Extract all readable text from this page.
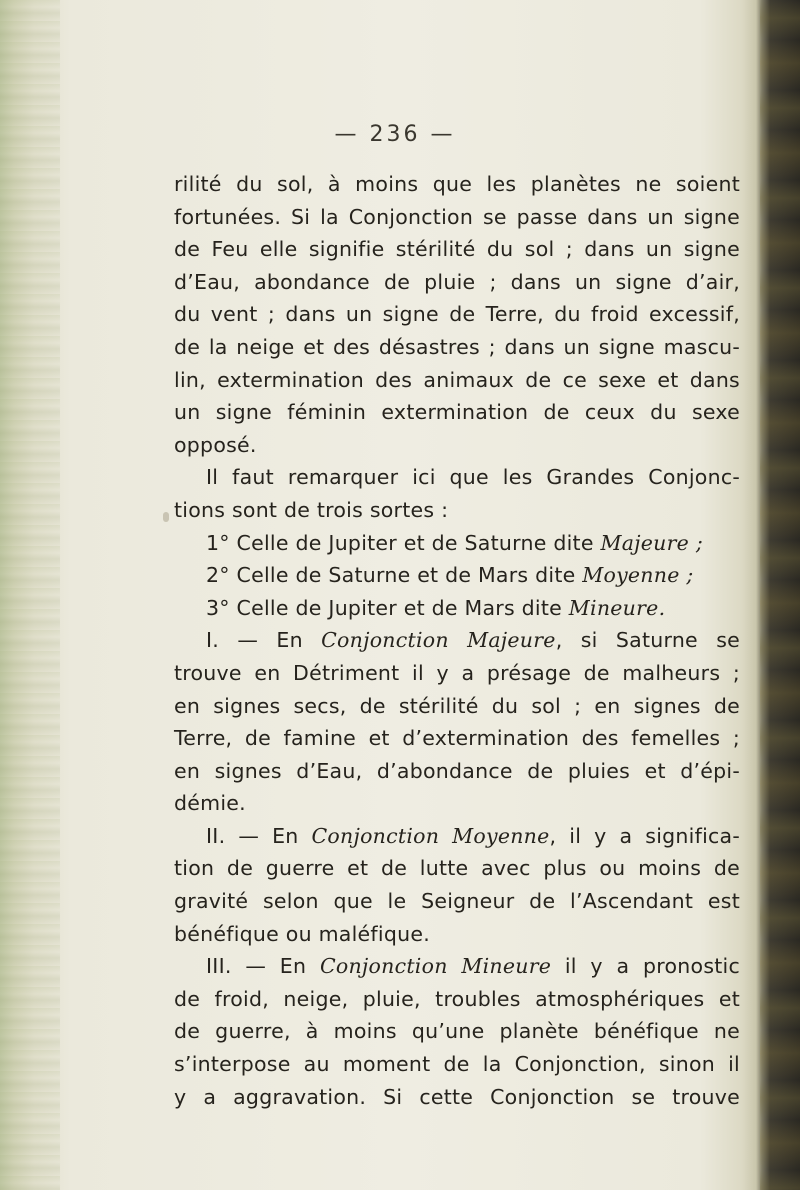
— 236 —
rilité du sol, à moins que les planètes ne soient
fortunées. Si la Conjonction se passe dans un signe
de Feu elle signifie stérilité du sol ; dans un signe
d’Eau, abondance de pluie ; dans un signe d’air,
du vent ; dans un signe de Terre, du froid excessif,
de la neige et des désastres ; dans un signe mascu-
lin, extermination des animaux de ce sexe et dans
un signe féminin extermination de ceux du sexe
opposé.
Il faut remarquer ici que les Grandes Conjonc-
tions sont de trois sortes :
1° Celle de Jupiter et de Saturne dite Majeure ;
2° Celle de Saturne et de Mars dite Moyenne ;
3° Celle de Jupiter et de Mars dite Mineure.
I. — En Conjonction Majeure, si Saturne se
trouve en Détriment il y a présage de malheurs ;
en signes secs, de stérilité du sol ; en signes de
Terre, de famine et d’extermination des femelles ;
en signes d’Eau, d’abondance de pluies et d’épi-
démie.
II. — En Conjonction Moyenne, il y a significa-
tion de guerre et de lutte avec plus ou moins de
gravité selon que le Seigneur de l’Ascendant est
bénéfique ou maléfique.
III. — En Conjonction Mineure il y a pronostic
de froid, neige, pluie, troubles atmosphériques et
de guerre, à moins qu’une planète bénéfique ne
s’interpose au moment de la Conjonction, sinon il
y a aggravation. Si cette Conjonction se trouve
